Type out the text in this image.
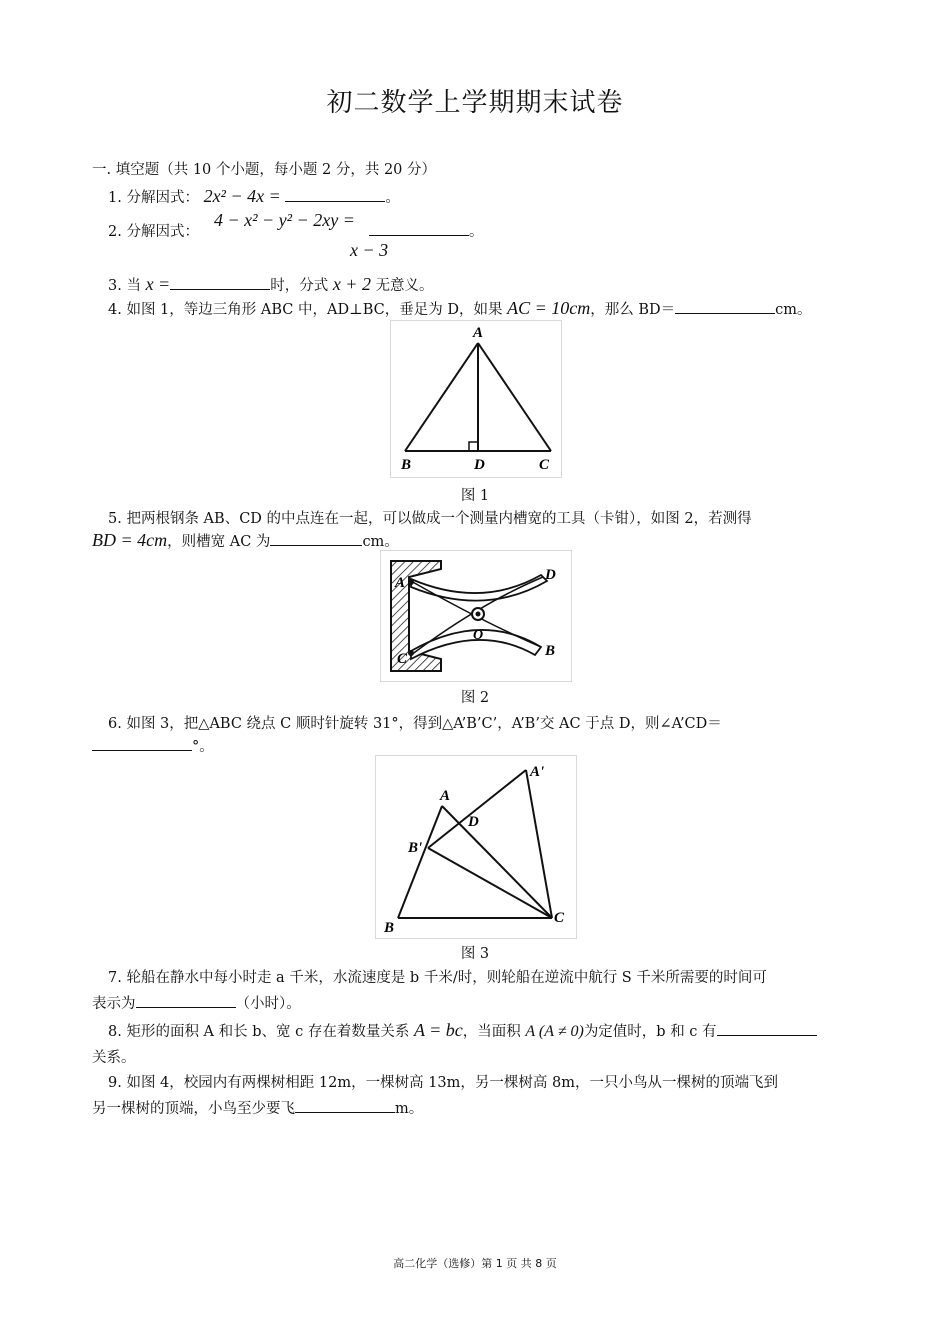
初二数学上学期期末试卷
一. 填空题（共 10 个小题，每小题 2 分，共 20 分）
1. 分解因式： 2x² − 4x =	。
2. 分解因式：
4 − x² − y² − 2xy =
。
x − 3
3. 当 x =	时，分式 x + 2 无意义。
4. 如图 1，等边三角形 ABC 中，AD⊥BC，垂足为 D，如果 AC = 10cm，那么 BD＝	cm。
A
B	D	C
图 1
5. 把两根钢条 AB、CD 的中点连在一起，可以做成一个测量内槽宽的工具（卡钳），如图 2，若测得
BD = 4cm，则槽宽 AC 为	cm。
A	D
O
B
C
图 2
6. 如图 3，把△ABC 绕点 C 顺时针旋转 31°，得到△A’B’C’，A’B’交 AC 于点 D，则∠A’CD＝
°。
A'
A
D
B'
B
C
图 3
7. 轮船在静水中每小时走 a 千米，水流速度是 b 千米/时，则轮船在逆流中航行 S 千米所需要的时间可
表示为	（小时）。
8. 矩形的面积 A 和长 b、宽 c 存在着数量关系 A = bc，当面积 A (A ≠ 0)为定值时，b 和 c 有
关系。
9. 如图 4，校园内有两棵树相距 12m，一棵树高 13m，另一棵树高 8m，一只小鸟从一棵树的顶端飞到
另一棵树的顶端，小鸟至少要飞	m。
高二化学（选修）第 1 页 共 8 页
